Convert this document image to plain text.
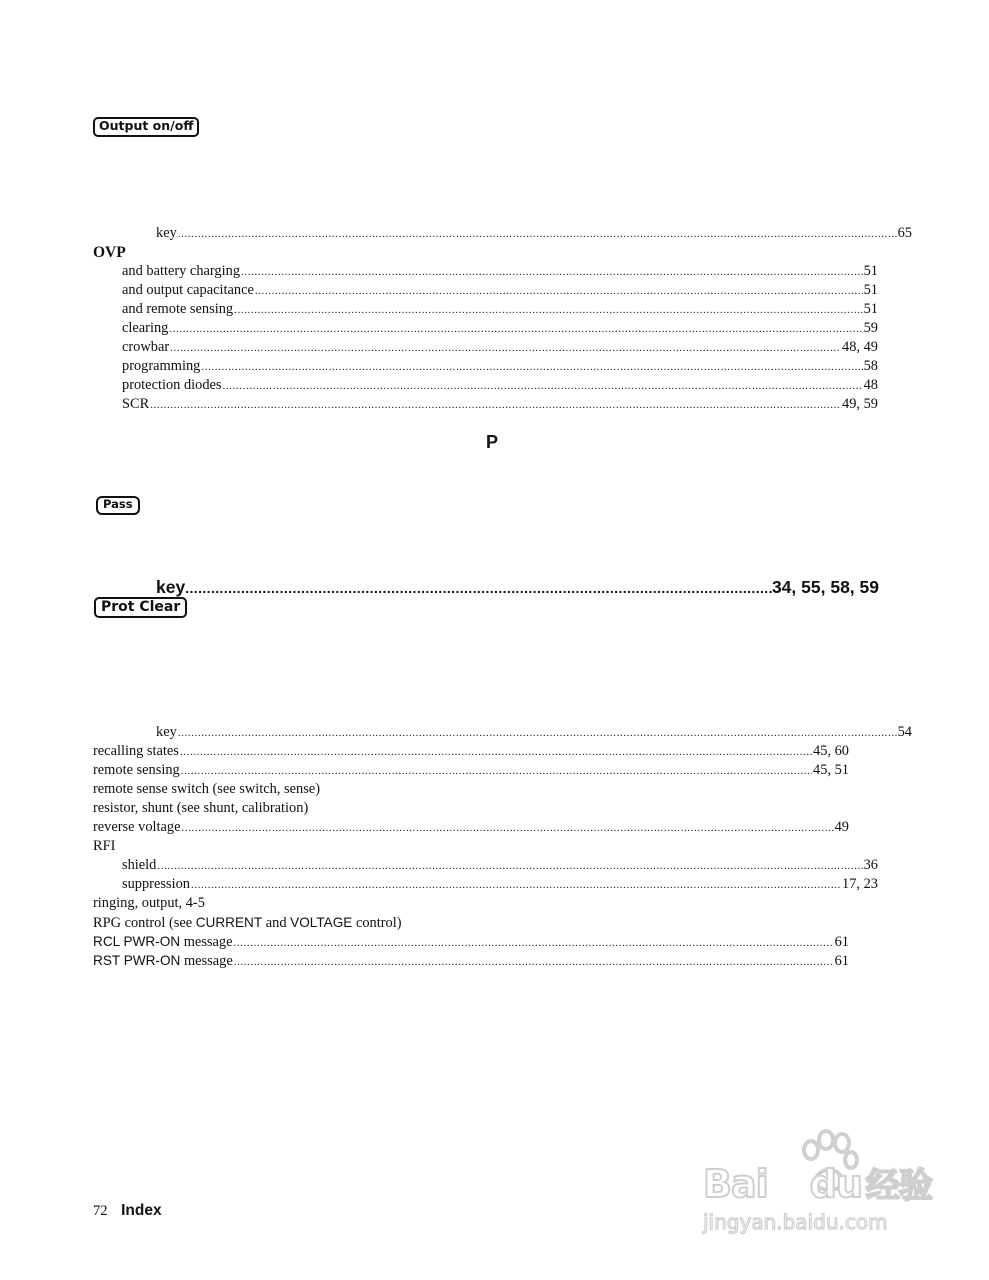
Output on/off
key .....	65
OVP
and battery charging .....	51
and output capacitance .....	51
and remote sensing .....	51
clearing .....	59
crowbar .....	48, 49
programming .....	58
protection diodes .....	48
SCR .....	49, 59
P
Pass
key .....	34, 55, 58, 59
Prot Clear
key .....	54
recalling states .....	45, 60
remote sensing .....	45, 51
remote sense switch (see switch, sense)
resistor, shunt (see shunt, calibration)
reverse voltage .....	49
RFI
shield .....	36
suppression .....	17, 23
ringing, output, 4-5
RPG control (see CURRENT and VOLTAGE control)
RCL PWR-ON message .....	61
RST PWR-ON message .....	61
72 Index
Bai du 经验
jingyan.baidu.com
